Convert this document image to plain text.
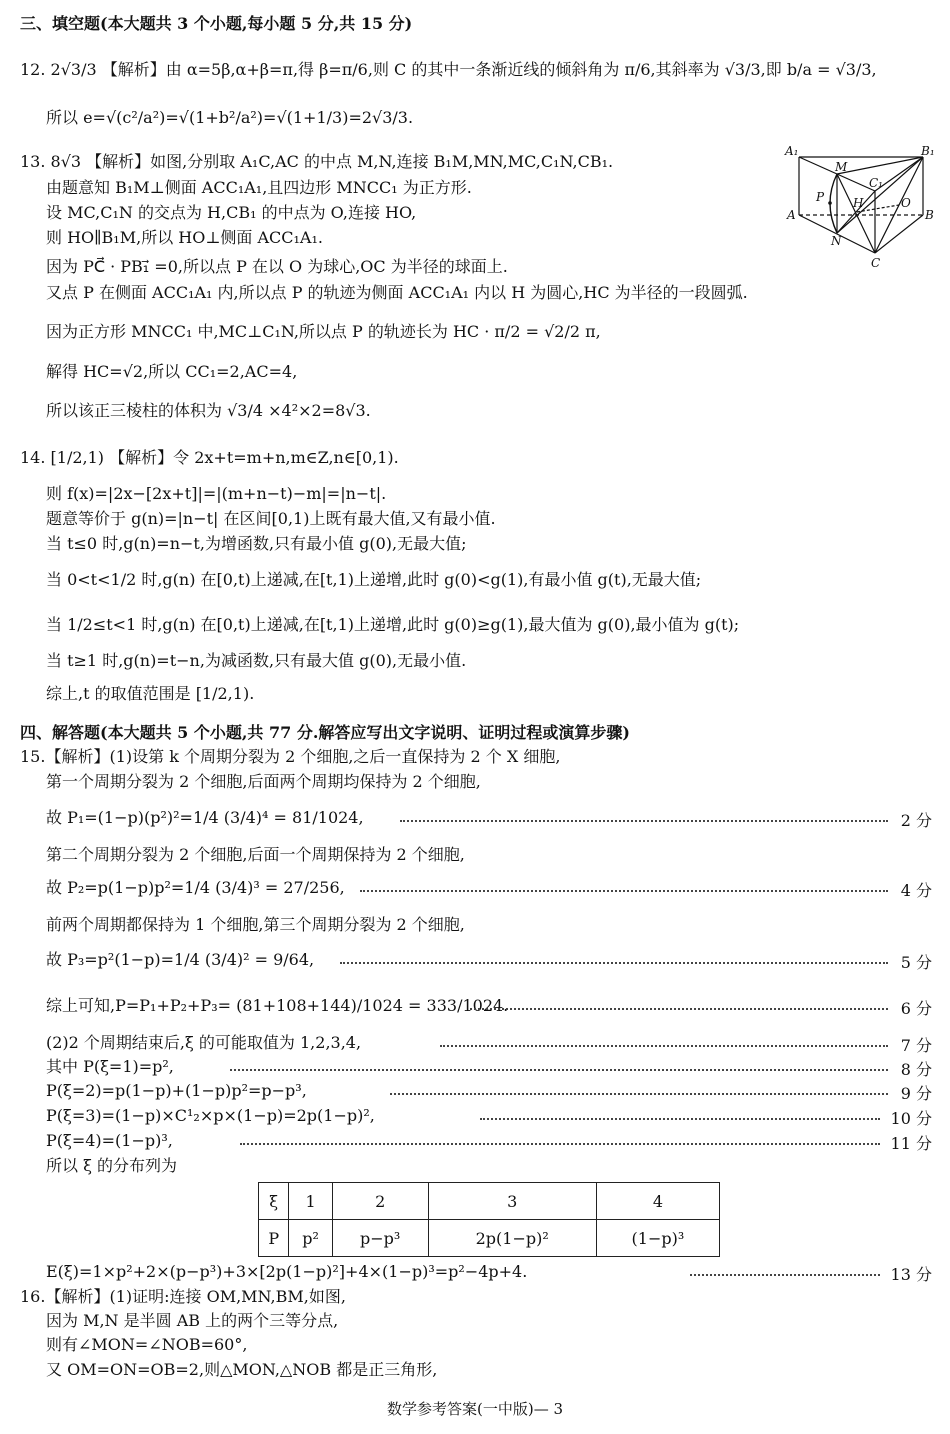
三、填空题(本大题共 3 个小题,每小题 5 分,共 15 分)
12. 2√3/3 【解析】由 α=5β,α+β=π,得 β=π/6,则 C 的其中一条渐近线的倾斜角为 π/6,其斜率为 √3/3,即 b/a = √3/3,
所以 e=√(c²/a²)=√(1+b²/a²)=√(1+1/3)=2√3/3.
13. 8√3 【解析】如图,分别取 A₁C,AC 的中点 M,N,连接 B₁M,MN,MC,C₁N,CB₁.
由题意知 B₁M⊥侧面 ACC₁A₁,且四边形 MNCC₁ 为正方形.
设 MC,C₁N 的交点为 H,CB₁ 的中点为 O,连接 HO,
则 HO∥B₁M,所以 HO⊥侧面 ACC₁A₁.
因为 PC⃗ · PB₁⃗ =0,所以点 P 在以 O 为球心,OC 为半径的球面上.
又点 P 在侧面 ACC₁A₁ 内,所以点 P 的轨迹为侧面 ACC₁A₁ 内以 H 为圆心,HC 为半径的一段圆弧.
因为正方形 MNCC₁ 中,MC⊥C₁N,所以点 P 的轨迹长为 HC · π/2 = √2/2 π,
解得 HC=√2,所以 CC₁=2,AC=4,
所以该正三棱柱的体积为 √3/4 ×4²×2=8√3.
A₁	B₁
M
C₁
P H	O
A	B
N
C
14. [1/2,1) 【解析】令 2x+t=m+n,m∈Z,n∈[0,1).
则 f(x)=|2x−[2x+t]|=|(m+n−t)−m|=|n−t|.
题意等价于 g(n)=|n−t| 在区间[0,1)上既有最大值,又有最小值.
当 t≤0 时,g(n)=n−t,为增函数,只有最小值 g(0),无最大值;
当 0<t<1/2 时,g(n) 在[0,t)上递减,在[t,1)上递增,此时 g(0)<g(1),有最小值 g(t),无最大值;
当 1/2≤t<1 时,g(n) 在[0,t)上递减,在[t,1)上递增,此时 g(0)≥g(1),最大值为 g(0),最小值为 g(t);
当 t≥1 时,g(n)=t−n,为减函数,只有最大值 g(0),无最小值.
综上,t 的取值范围是 [1/2,1).
四、解答题(本大题共 5 个小题,共 77 分.解答应写出文字说明、证明过程或演算步骤)
15.【解析】(1)设第 k 个周期分裂为 2 个细胞,之后一直保持为 2 个 X 细胞,
第一个周期分裂为 2 个细胞,后面两个周期均保持为 2 个细胞,
故 P₁=(1−p)(p²)²=1/4 (3/4)⁴ = 81/1024,	2 分
第二个周期分裂为 2 个细胞,后面一个周期保持为 2 个细胞,
故 P₂=p(1−p)p²=1/4 (3/4)³ = 27/256,	4 分
前两个周期都保持为 1 个细胞,第三个周期分裂为 2 个细胞,
故 P₃=p²(1−p)=1/4 (3/4)² = 9/64,	5 分
综上可知,P=P₁+P₂+P₃= (81+108+144)/1024 = 333/1024.	6 分
(2)2 个周期结束后,ξ 的可能取值为 1,2,3,4,	7 分
其中 P(ξ=1)=p²,	8 分
P(ξ=2)=p(1−p)+(1−p)p²=p−p³,	9 分
P(ξ=3)=(1−p)×C¹₂×p×(1−p)=2p(1−p)²,	10 分
P(ξ=4)=(1−p)³,	11 分
所以 ξ 的分布列为
ξ	1	2	3	4
P	p²	p−p³	2p(1−p)²	(1−p)³
E(ξ)=1×p²+2×(p−p³)+3×[2p(1−p)²]+4×(1−p)³=p²−4p+4.	13 分
16.【解析】(1)证明:连接 OM,MN,BM,如图,
因为 M,N 是半圆 AB 上的两个三等分点,
则有∠MON=∠NOB=60°,
又 OM=ON=OB=2,则△MON,△NOB 都是正三角形,
数学参考答案(一中版)— 3
